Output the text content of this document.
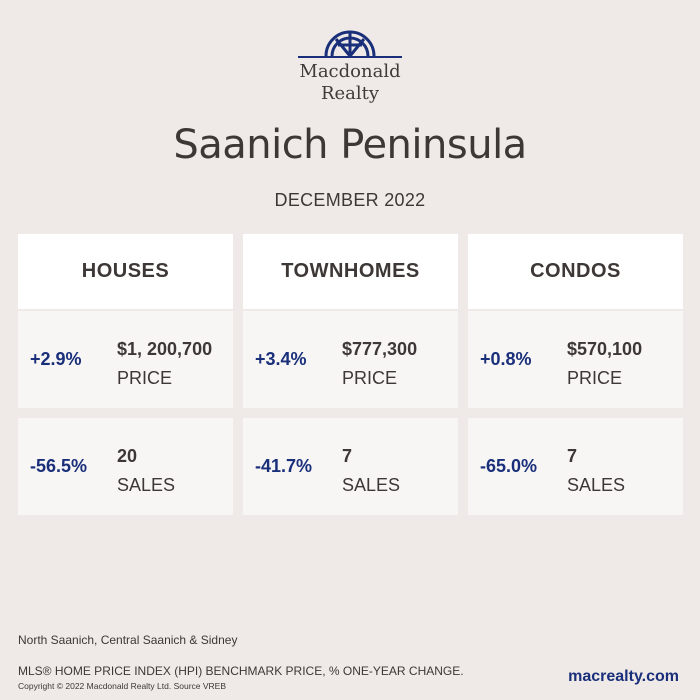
Macdonald
Realty
Saanich Peninsula
DECEMBER 2022
HOUSES	TOWNHOMES	CONDOS
+2.9% $1, 200,700
PRICE
+3.4% $777,300
PRICE
+0.8% $570,100
PRICE
-56.5% 20
SALES
-41.7% 7
SALES
-65.0% 7
SALES
North Saanich, Central Saanich & Sidney
MLS® HOME PRICE INDEX (HPI) BENCHMARK PRICE, % ONE-YEAR CHANGE.
Copyright © 2022 Macdonald Realty Ltd. Source VREB
macrealty.com
